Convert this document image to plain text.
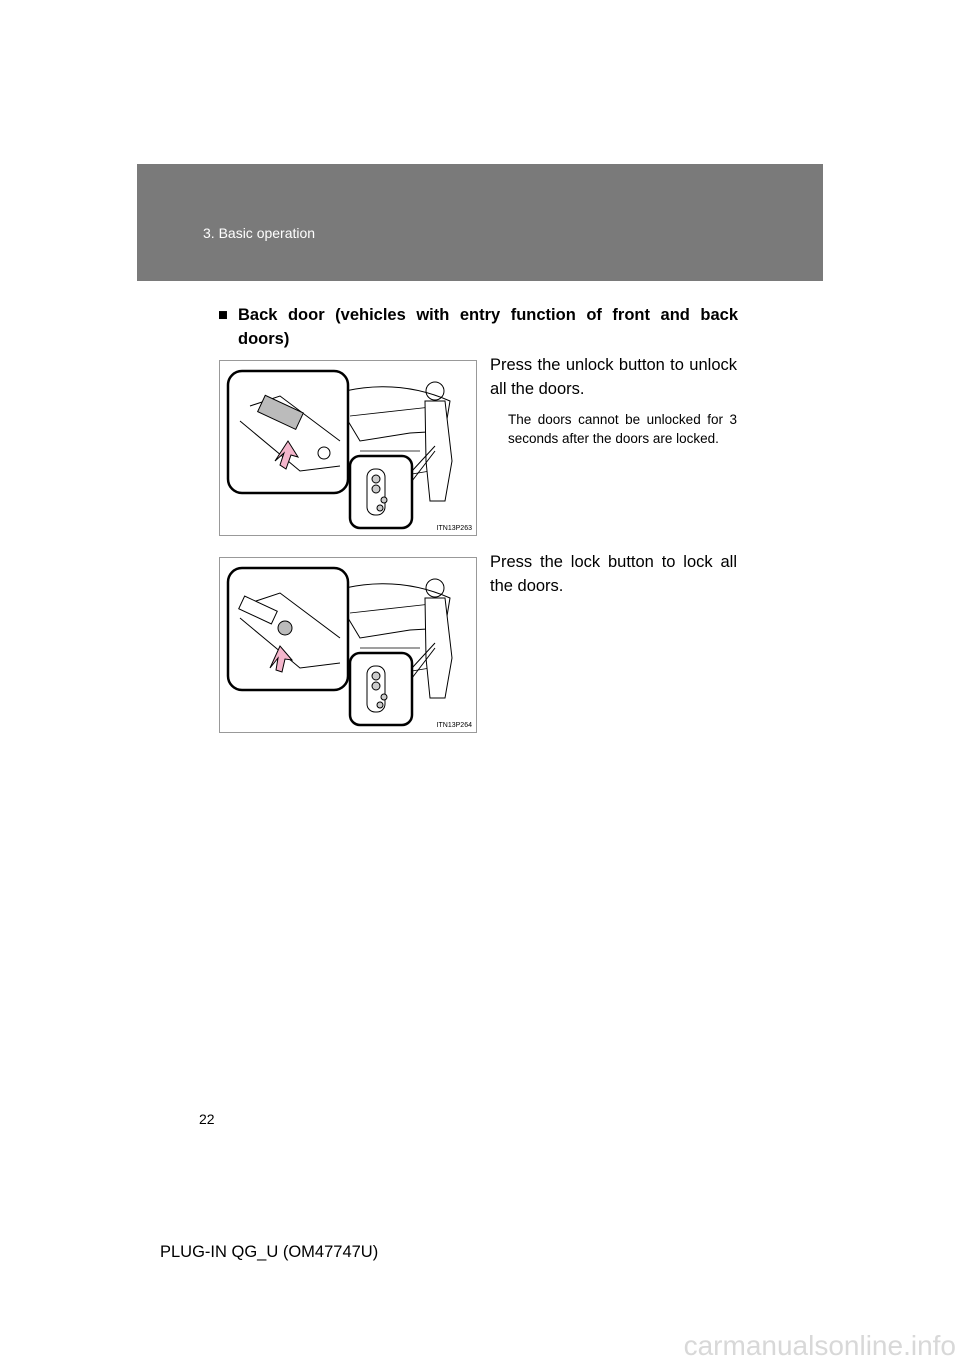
3. Basic operation
■ Back door (vehicles with entry function of front and back doors)
ITN13P263
Press the unlock button to unlock all the doors.
The doors cannot be unlocked for 3 seconds after the doors are locked.
ITN13P264
Press the lock button to lock all the doors.
22
PLUG-IN QG_U (OM47747U)
carmanualsonline.info
